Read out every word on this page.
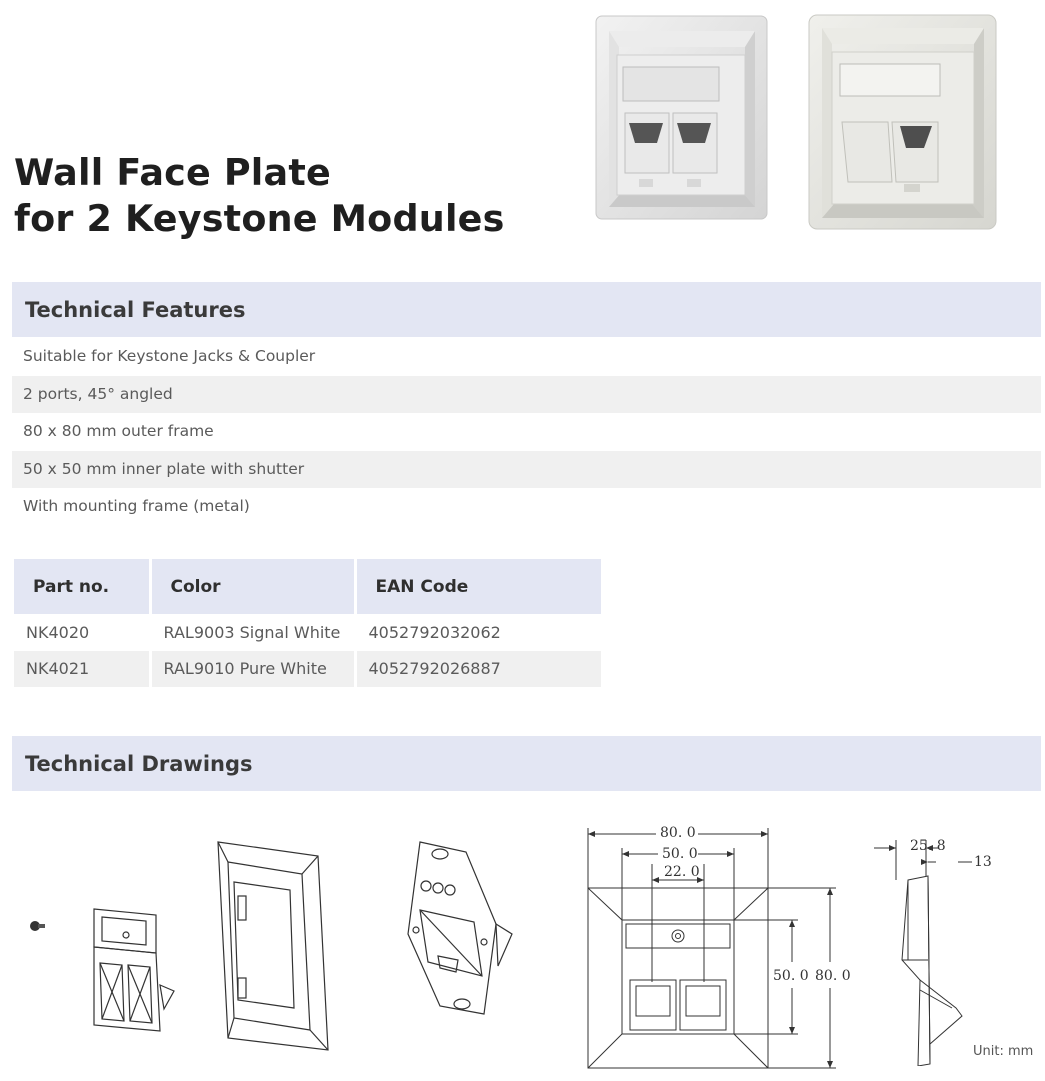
Wall Face Plate
for 2 Keystone Modules
Technical Features
Suitable for Keystone Jacks & Coupler
2 ports, 45° angled
80 x 80 mm outer frame
50 x 50 mm inner plate with shutter
With mounting frame (metal)
Part no.	Color	EAN Code
NK4020	RAL9003 Signal White	4052792032062
NK4021	RAL9010 Pure White	4052792026887
Technical Drawings
80. 0
50. 0
22. 0
50. 0 80. 0
25. 8
13
Unit: mm
